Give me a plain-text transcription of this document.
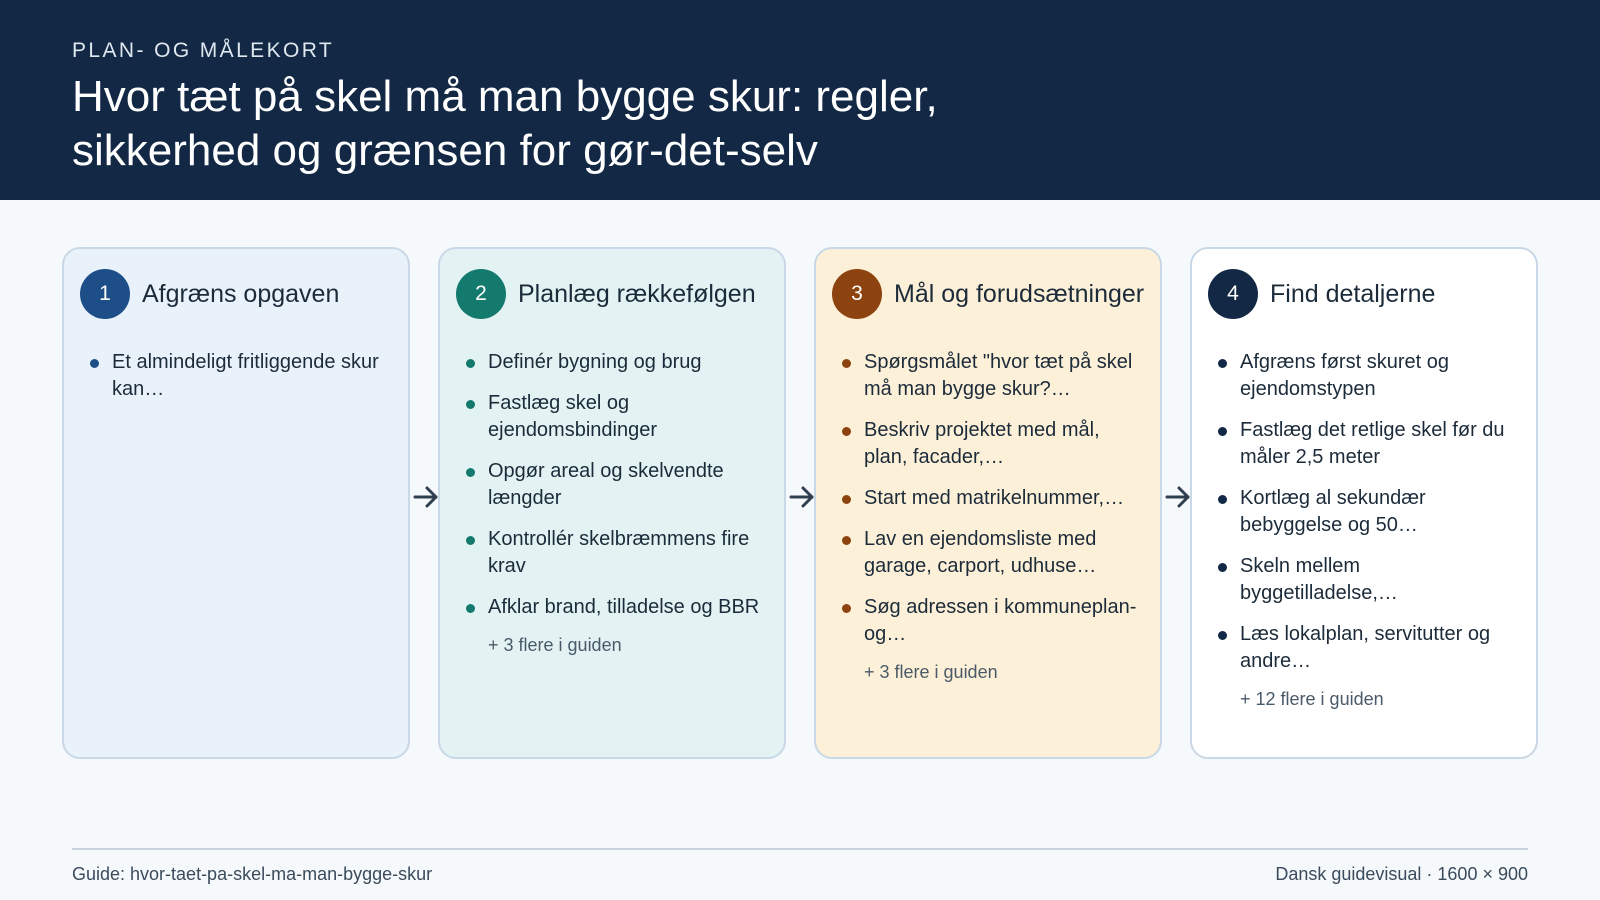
PLAN- OG MÅLEKORT
Hvor tæt på skel må man bygge skur: regler, sikkerhed og grænsen for gør-det-selv
1	Afgræns opgaven
Et almindeligt fritliggende skur kan…
2	Planlæg rækkefølgen
Definér bygning og brug
Fastlæg skel og ejendomsbindinger
Opgør areal og skelvendte længder
Kontrollér skelbræmmens fire krav
Afklar brand, tilladelse og BBR
+ 3 flere i guiden
3	Mål og forudsætninger
Spørgsmålet "hvor tæt på skel må man bygge skur?…
Beskriv projektet med mål, plan, facader,…
Start med matrikelnummer,…
Lav en ejendomsliste med garage, carport, udhuse…
Søg adressen i kommuneplan- og…
+ 3 flere i guiden
4	Find detaljerne
Afgræns først skuret og ejendomstypen
Fastlæg det retlige skel før du måler 2,5 meter
Kortlæg al sekundær bebyggelse og 50…
Skeln mellem byggetilladelse,…
Læs lokalplan, servitutter og andre…
+ 12 flere i guiden
Guide: hvor-taet-pa-skel-ma-man-bygge-skur	Dansk guidevisual · 1600 × 900
